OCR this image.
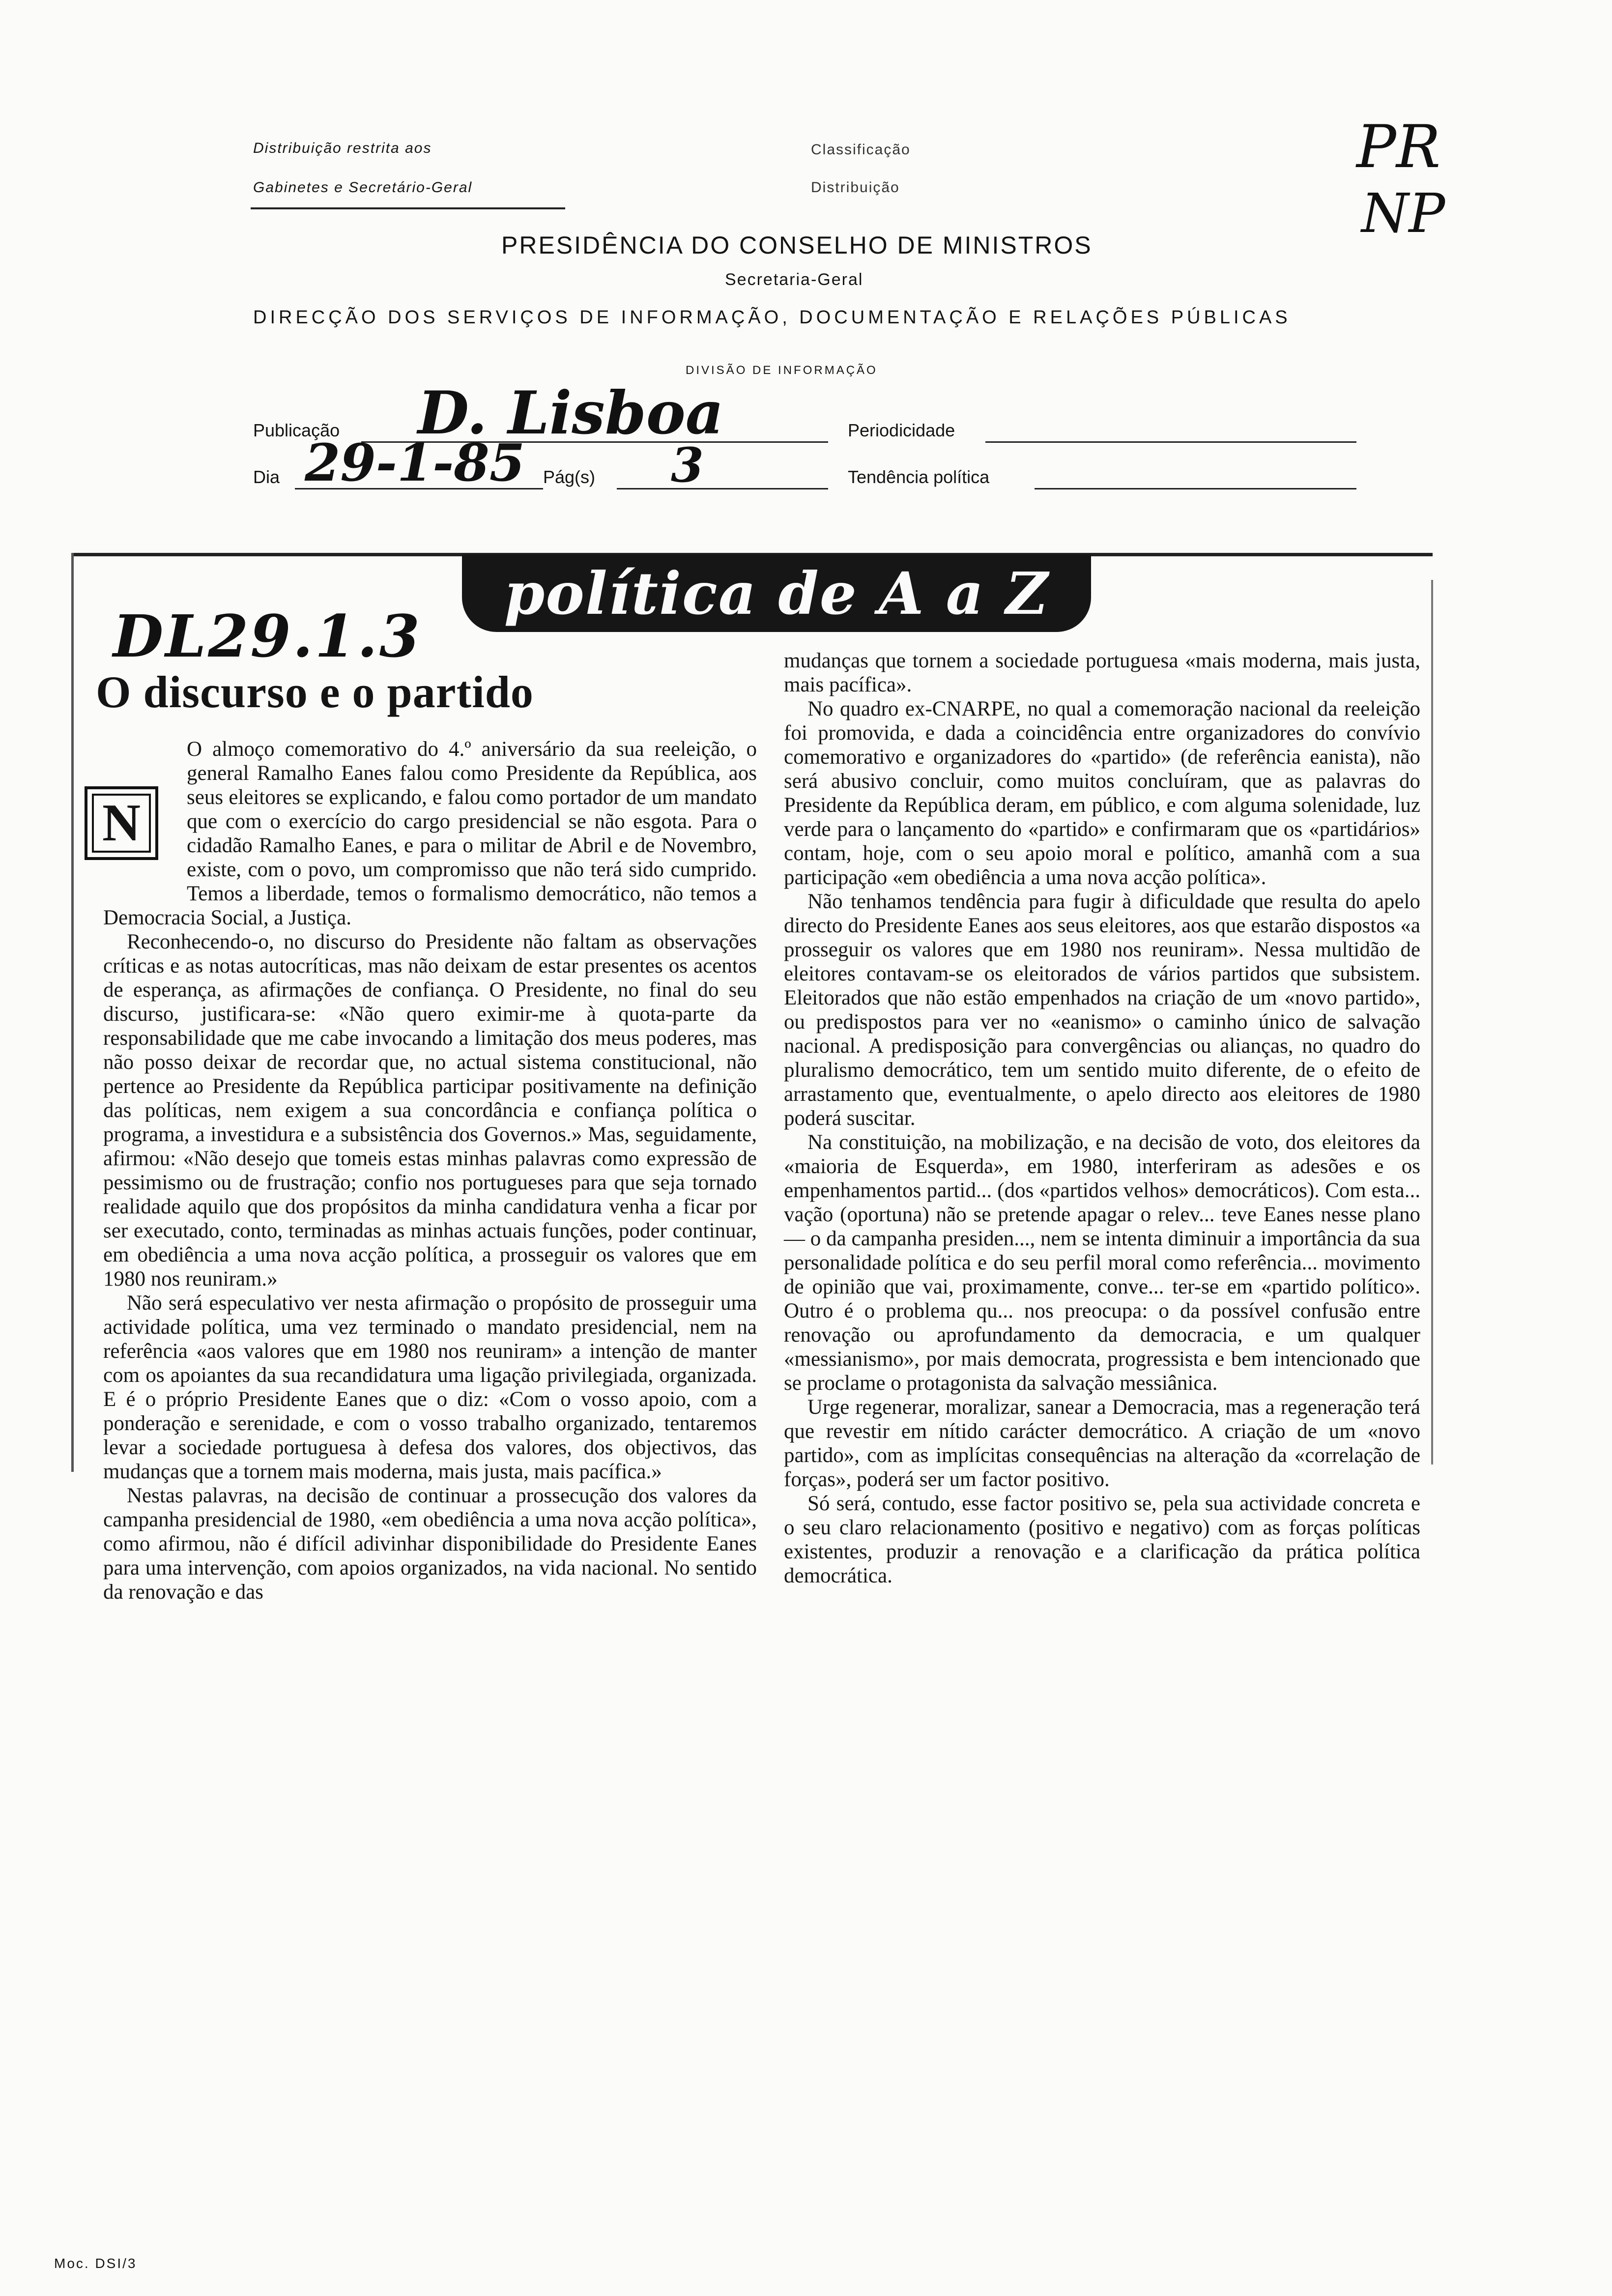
Distribuição restrita aos
Gabinetes e Secretário-Geral
Classificação
Distribuição
PR
NP
PRESIDÊNCIA DO CONSELHO DE MINISTROS
Secretaria-Geral
DIRECÇÃO DOS SERVIÇOS DE INFORMAÇÃO, DOCUMENTAÇÃO E RELAÇÕES PÚBLICAS
DIVISÃO DE INFORMAÇÃO
Publicação D. Lisboa	Periodicidade
Dia 29-1-85 Pág(s) 3	Tendência política
política de A a Z
DL29.1.3
O discurso e o partido
N

O almoço comemorativo do 4.º aniversário da sua reeleição, o general Ramalho Eanes falou como Presidente da República, aos seus eleitores se explicando, e falou como portador de um mandato que com o exercício do cargo presidencial se não esgota. Para o cidadão Ramalho Eanes, e para o militar de Abril e de Novembro, existe, com o povo, um compromisso que não terá sido cumprido. Temos a liberdade, temos o formalismo democrático, não temos a Democracia Social, a Justiça.

Reconhecendo-o, no discurso do Presidente não faltam as observações críticas e as notas autocríticas, mas não deixam de estar presentes os acentos de esperança, as afirmações de confiança. O Presidente, no final do seu discurso, justificara-se: «Não quero eximir-me à quota-parte da responsabilidade que me cabe invocando a limitação dos meus poderes, mas não posso deixar de recordar que, no actual sistema constitucional, não pertence ao Presidente da República participar positivamente na definição das políticas, nem exigem a sua concordância e confiança política o programa, a investidura e a subsistência dos Governos.» Mas, seguidamente, afirmou: «Não desejo que tomeis estas minhas palavras como expressão de pessimismo ou de frustração; confio nos portugueses para que seja tornado realidade aquilo que dos propósitos da minha candidatura venha a ficar por ser executado, conto, terminadas as minhas actuais funções, poder continuar, em obediência a uma nova acção política, a prosseguir os valores que em 1980 nos reuniram.»

Não será especulativo ver nesta afirmação o propósito de prosseguir uma actividade política, uma vez terminado o mandato presidencial, nem na referência «aos valores que em 1980 nos reuniram» a intenção de manter com os apoiantes da sua recandidatura uma ligação privilegiada, organizada. E é o próprio Presidente Eanes que o diz: «Com o vosso apoio, com a ponderação e serenidade, e com o vosso trabalho organizado, tentaremos levar a sociedade portuguesa à defesa dos valores, dos objectivos, das mudanças que a tornem mais moderna, mais justa, mais pacífica.»

Nestas palavras, na decisão de continuar a prossecução dos valores da campanha presidencial de 1980, «em obediência a uma nova acção política», como afirmou, não é difícil adivinhar disponibilidade do Presidente Eanes para uma intervenção, com apoios organizados, na vida nacional. No sentido da renovação e das

mudanças que tornem a sociedade portuguesa «mais moderna, mais justa, mais pacífica».

No quadro ex-CNARPE, no qual a comemoração nacional da reeleição foi promovida, e dada a coincidência entre organizadores do convívio comemorativo e organizadores do «partido» (de referência eanista), não será abusivo concluir, como muitos concluíram, que as palavras do Presidente da República deram, em público, e com alguma solenidade, luz verde para o lançamento do «partido» e confirmaram que os «partidários» contam, hoje, com o seu apoio moral e político, amanhã com a sua participação «em obediência a uma nova acção política».

Não tenhamos tendência para fugir à dificuldade que resulta do apelo directo do Presidente Eanes aos seus eleitores, aos que estarão dispostos «a prosseguir os valores que em 1980 nos reuniram». Nessa multidão de eleitores contavam-se os eleitorados de vários partidos que subsistem. Eleitorados que não estão empenhados na criação de um «novo partido», ou predispostos para ver no «eanismo» o caminho único de salvação nacional. A predisposição para convergências ou alianças, no quadro do pluralismo democrático, tem um sentido muito diferente, de o efeito de arrastamento que, eventualmente, o apelo directo aos eleitores de 1980 poderá suscitar.

Na constituição, na mobilização, e na decisão de voto, dos eleitores da «maioria de Esquerda», em 1980, interferiram as adesões e os empenhamentos partid... (dos «partidos velhos» democráticos). Com esta... vação (oportuna) não se pretende apagar o relev... teve Eanes nesse plano — o da campanha presiden..., nem se intenta diminuir a importância da sua personalidade política e do seu perfil moral como referência... movimento de opinião que vai, proximamente, conve... ter-se em «partido político». Outro é o problema qu... nos preocupa: o da possível confusão entre renovação ou aprofundamento da democracia, e um qualquer «messianismo», por mais democrata, progressista e bem intencionado que se proclame o protagonista da salvação messiânica.

Urge regenerar, moralizar, sanear a Democracia, mas a regeneração terá que revestir em nítido carácter democrático. A criação de um «novo partido», com as implícitas consequências na alteração da «correlação de forças», poderá ser um factor positivo.

Só será, contudo, esse factor positivo se, pela sua actividade concreta e o seu claro relacionamento (positivo e negativo) com as forças políticas existentes, produzir a renovação e a clarificação da prática política democrática.

Moc. DSI/3
